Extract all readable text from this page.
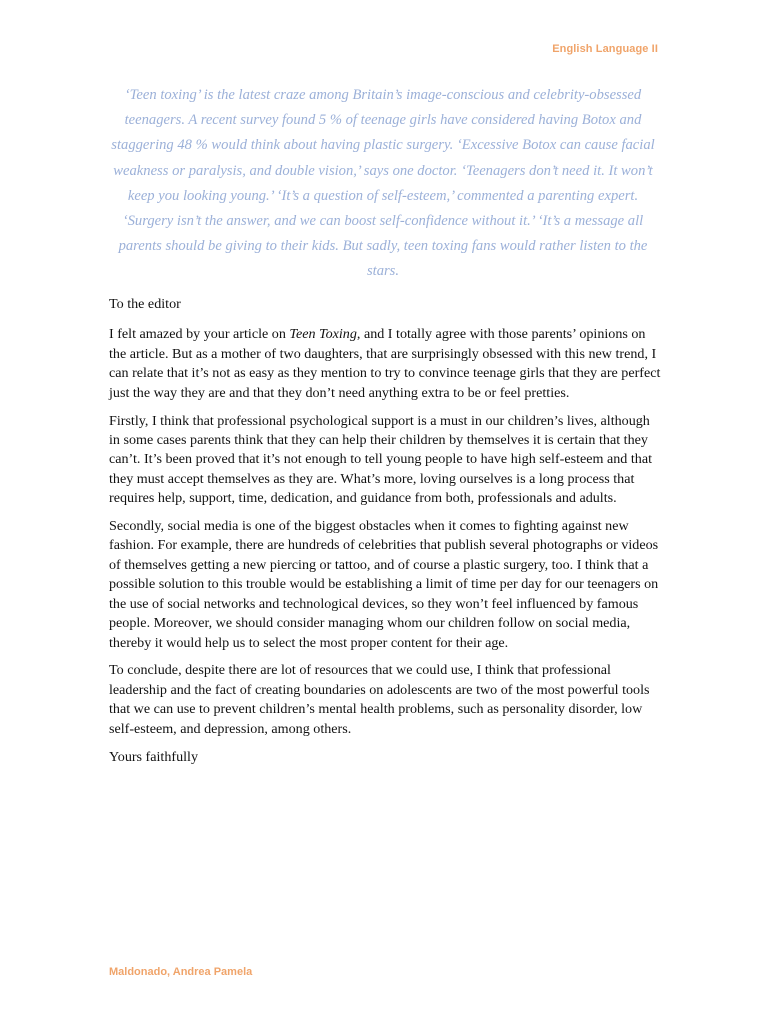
English Language II
‘Teen toxing’ is the latest craze among Britain’s image-conscious and celebrity-obsessed teenagers. A recent survey found 5 % of teenage girls have considered having Botox and staggering 48 % would think about having plastic surgery. ‘Excessive Botox can cause facial weakness or paralysis, and double vision,’ says one doctor. ‘Teenagers don’t need it. It won’t keep you looking young.’ ‘It’s a question of self-esteem,’ commented a parenting expert. ‘Surgery isn’t the answer, and we can boost self-confidence without it.’ ‘It’s a message all parents should be giving to their kids. But sadly, teen toxing fans would rather listen to the stars.

To the editor

I felt amazed by your article on Teen Toxing, and I totally agree with those parents’ opinions on the article. But as a mother of two daughters, that are surprisingly obsessed with this new trend, I can relate that it’s not as easy as they mention to try to convince teenage girls that they are perfect just the way they are and that they don’t need anything extra to be or feel pretties.

Firstly, I think that professional psychological support is a must in our children’s lives, although in some cases parents think that they can help their children by themselves it is certain that they can’t. It’s been proved that it’s not enough to tell young people to have high self-esteem and that they must accept themselves as they are. What’s more, loving ourselves is a long process that requires help, support, time, dedication, and guidance from both, professionals and adults.

Secondly, social media is one of the biggest obstacles when it comes to fighting against new fashion. For example, there are hundreds of celebrities that publish several photographs or videos of themselves getting a new piercing or tattoo, and of course a plastic surgery, too. I think that a possible solution to this trouble would be establishing a limit of time per day for our teenagers on the use of social networks and technological devices, so they won’t feel influenced by famous people. Moreover, we should consider managing whom our children follow on social media, thereby it would help us to select the most proper content for their age.

To conclude, despite there are lot of resources that we could use, I think that professional leadership and the fact of creating boundaries on adolescents are two of the most powerful tools that we can use to prevent children’s mental health problems, such as personality disorder, low self-esteem, and depression, among others.

Yours faithfully

Maldonado, Andrea Pamela
